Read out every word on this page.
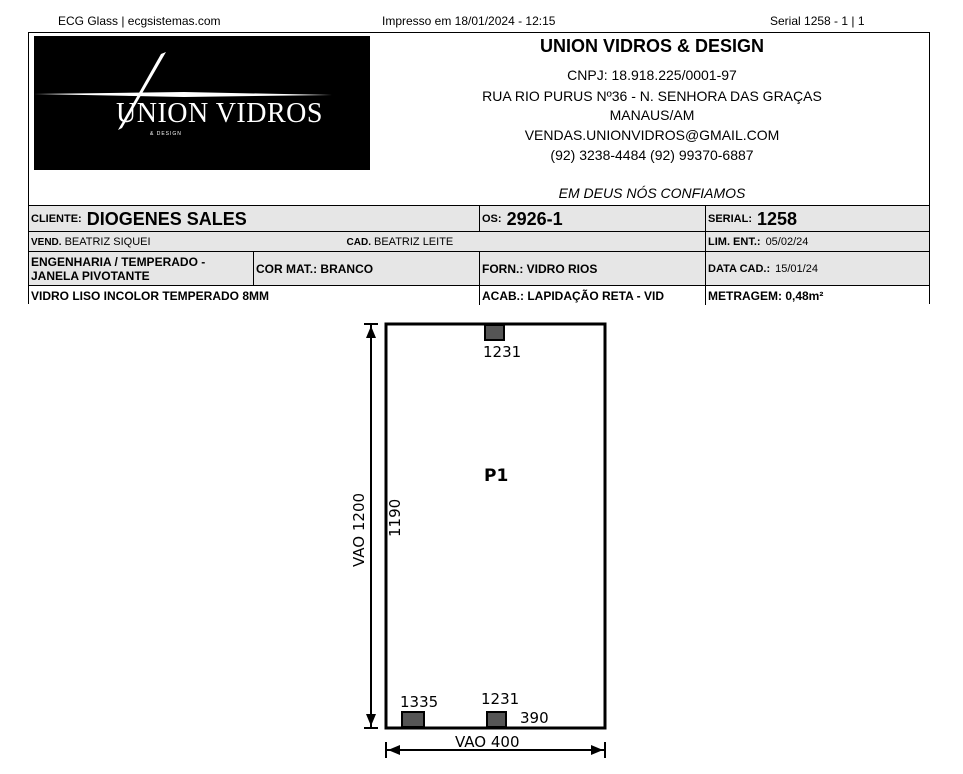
ECG Glass | ecgsistemas.com	Impresso em 18/01/2024 - 12:15	Serial 1258 - 1 | 1
UNION VIDROS
& DESIGN
UNION VIDROS & DESIGN
CNPJ: 18.918.225/0001-97
RUA RIO PURUS Nº36 - N. SENHORA DAS GRAÇAS
MANAUS/AM
VENDAS.UNIONVIDROS@GMAIL.COM
(92) 3238-4484 (92) 99370-6887
EM DEUS NÓS CONFIAMOS
CLIENTE: DIOGENES SALES	OS: 2926-1	SERIAL: 1258
VEND. BEATRIZ SIQUEI	CAD. BEATRIZ LEITE	LIM. ENT.: 05/02/24
ENGENHARIA / TEMPERADO -
JANELA PIVOTANTE	COR MAT.: BRANCO	FORN.: VIDRO RIOS	DATA CAD.: 15/01/24
VIDRO LISO INCOLOR TEMPERADO 8MM	ACAB.: LAPIDAÇÃO RETA - VID	METRAGEM: 0,48m²
1231
P1
1335	1231
390
VAO 400
VAO 1200 1190
